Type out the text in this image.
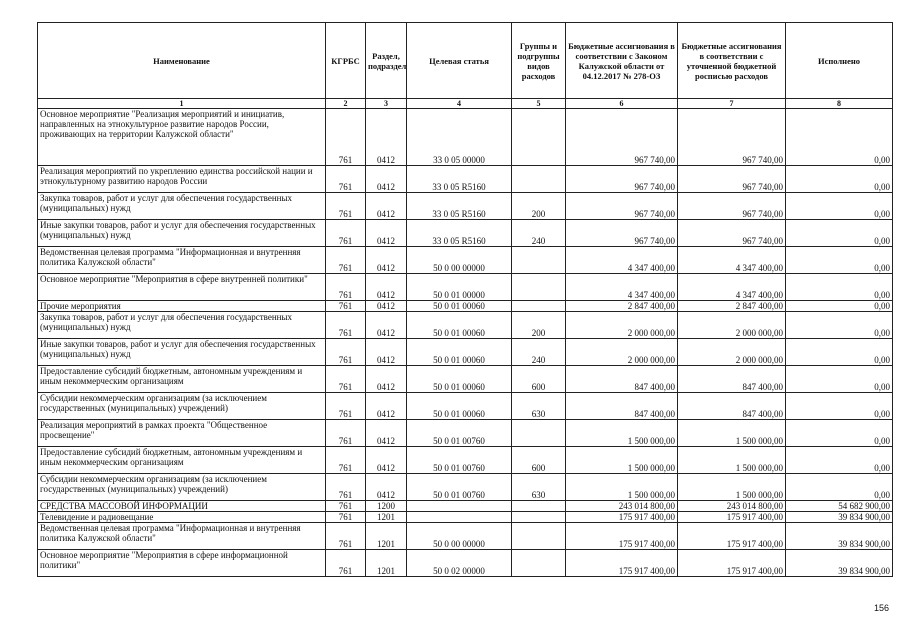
Наименование	КГРБС	Раздел, подраздел	Целевая статья	Группы и подгруппы видов расходов	Бюджетные ассигнования в соответствии с Законом Калужской области от 04.12.2017 № 278-ОЗ	Бюджетные ассигнования в соответствии с уточненной бюджетной росписью расходов	Исполнено
1	2	3	4	5	6	7	8
Основное мероприятие "Реализация мероприятий и инициатив, направленных на этнокультурное развитие народов России, проживающих на территории Калужской области"	761	0412	33 0 05 00000		967 740,00	967 740,00	0,00
Реализация мероприятий по укреплению единства российской нации и этнокультурному развитию народов России	761	0412	33 0 05 R5160		967 740,00	967 740,00	0,00
Закупка товаров, работ и услуг для обеспечения государственных (муниципальных) нужд	761	0412	33 0 05 R5160	200	967 740,00	967 740,00	0,00
Иные закупки товаров, работ и услуг для обеспечения государственных (муниципальных) нужд	761	0412	33 0 05 R5160	240	967 740,00	967 740,00	0,00
Ведомственная целевая программа "Информационная и внутренняя политика Калужской области"	761	0412	50 0 00 00000		4 347 400,00	4 347 400,00	0,00
Основное мероприятие "Мероприятия в сфере внутренней политики"	761	0412	50 0 01 00000		4 347 400,00	4 347 400,00	0,00
Прочие мероприятия	761	0412	50 0 01 00060		2 847 400,00	2 847 400,00	0,00
Закупка товаров, работ и услуг для обеспечения государственных (муниципальных) нужд	761	0412	50 0 01 00060	200	2 000 000,00	2 000 000,00	0,00
Иные закупки товаров, работ и услуг для обеспечения государственных (муниципальных) нужд	761	0412	50 0 01 00060	240	2 000 000,00	2 000 000,00	0,00
Предоставление субсидий бюджетным, автономным учреждениям и иным некоммерческим организациям	761	0412	50 0 01 00060	600	847 400,00	847 400,00	0,00
Субсидии некоммерческим организациям (за исключением государственных (муниципальных) учреждений)	761	0412	50 0 01 00060	630	847 400,00	847 400,00	0,00
Реализация мероприятий в рамках проекта "Общественное просвещение"	761	0412	50 0 01 00760		1 500 000,00	1 500 000,00	0,00
Предоставление субсидий бюджетным, автономным учреждениям и иным некоммерческим организациям	761	0412	50 0 01 00760	600	1 500 000,00	1 500 000,00	0,00
Субсидии некоммерческим организациям (за исключением государственных (муниципальных) учреждений)	761	0412	50 0 01 00760	630	1 500 000,00	1 500 000,00	0,00
СРЕДСТВА МАССОВОЙ ИНФОРМАЦИИ	761	1200			243 014 800,00	243 014 800,00	54 682 900,00
Телевидение и радиовещание	761	1201			175 917 400,00	175 917 400,00	39 834 900,00
Ведомственная целевая программа "Информационная и внутренняя политика Калужской области"	761	1201	50 0 00 00000		175 917 400,00	175 917 400,00	39 834 900,00
Основное мероприятие "Мероприятия в сфере информационной политики"	761	1201	50 0 02 00000		175 917 400,00	175 917 400,00	39 834 900,00
156
